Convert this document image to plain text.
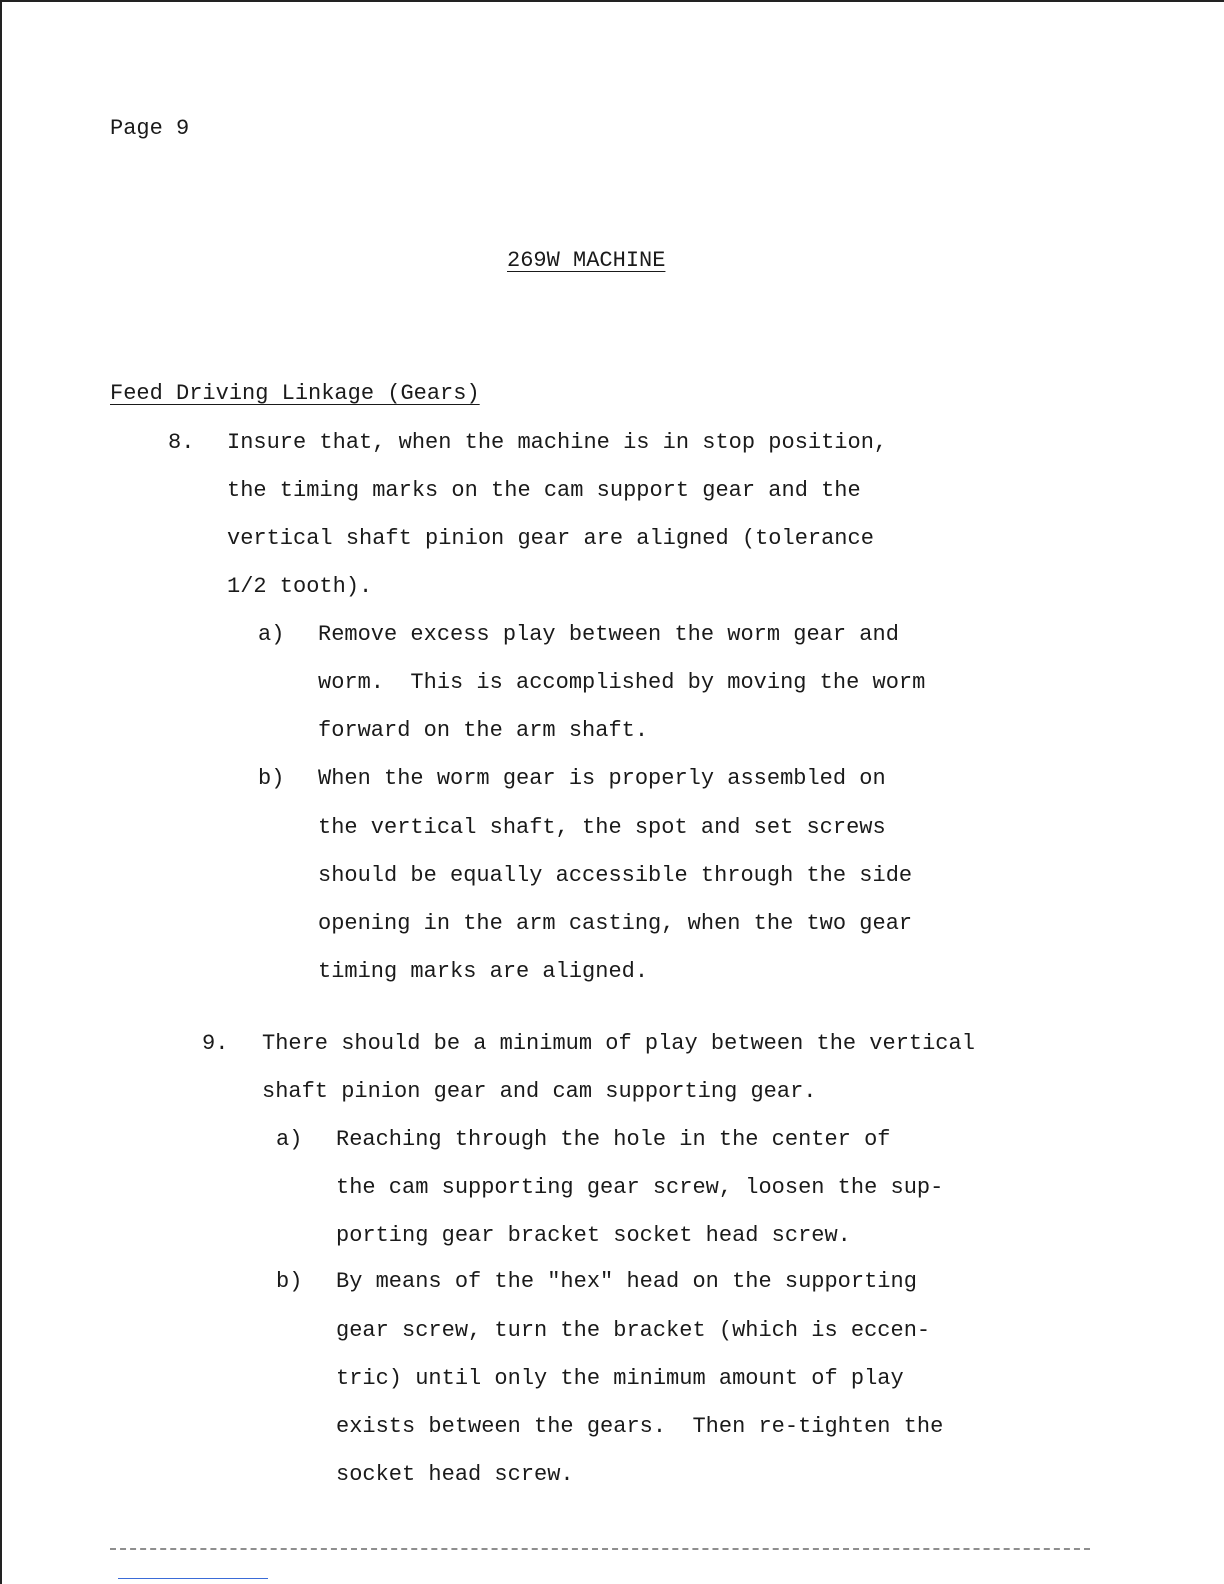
Page 9
269W MACHINE
Feed Driving Linkage (Gears)
8. Insure that, when the machine is in stop position,
the timing marks on the cam support gear and the
vertical shaft pinion gear are aligned (tolerance
1/2 tooth).
a) Remove excess play between the worm gear and
worm.  This is accomplished by moving the worm
forward on the arm shaft.
b) When the worm gear is properly assembled on
the vertical shaft, the spot and set screws
should be equally accessible through the side
opening in the arm casting, when the two gear
timing marks are aligned.
9. There should be a minimum of play between the vertical
shaft pinion gear and cam supporting gear.
a) Reaching through the hole in the center of
the cam supporting gear screw, loosen the sup-
porting gear bracket socket head screw.
b) By means of the "hex" head on the supporting
gear screw, turn the bracket (which is eccen-
tric) until only the minimum amount of play
exists between the gears.  Then re-tighten the
socket head screw.
